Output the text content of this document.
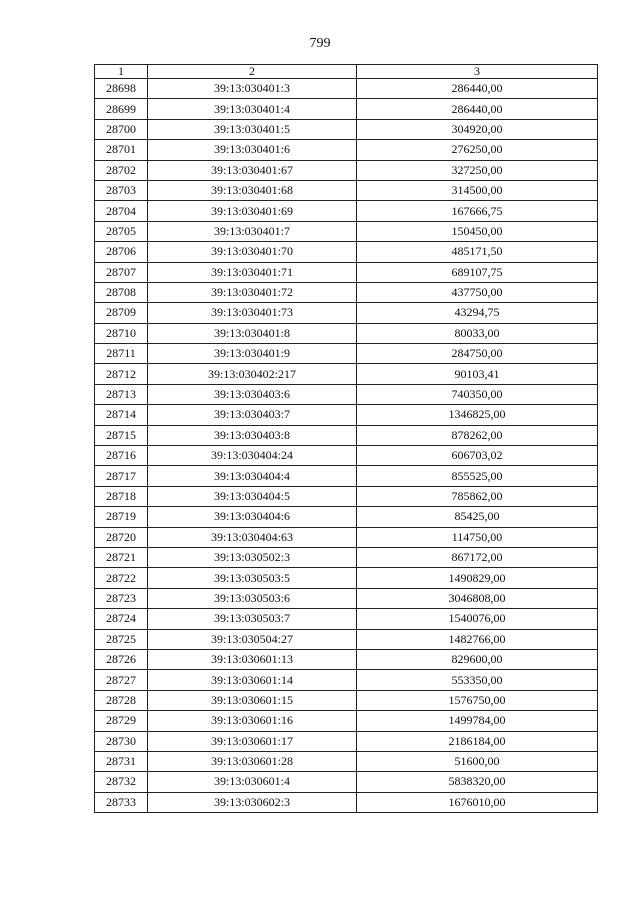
799
1	2	3
28698	39:13:030401:3	286440,00
28699	39:13:030401:4	286440,00
28700	39:13:030401:5	304920,00
28701	39:13:030401:6	276250,00
28702	39:13:030401:67	327250,00
28703	39:13:030401:68	314500,00
28704	39:13:030401:69	167666,75
28705	39:13:030401:7	150450,00
28706	39:13:030401:70	485171,50
28707	39:13:030401:71	689107,75
28708	39:13:030401:72	437750,00
28709	39:13:030401:73	43294,75
28710	39:13:030401:8	80033,00
28711	39:13:030401:9	284750,00
28712	39:13:030402:217	90103,41
28713	39:13:030403:6	740350,00
28714	39:13:030403:7	1346825,00
28715	39:13:030403:8	878262,00
28716	39:13:030404:24	606703,02
28717	39:13:030404:4	855525,00
28718	39:13:030404:5	785862,00
28719	39:13:030404:6	85425,00
28720	39:13:030404:63	114750,00
28721	39:13:030502:3	867172,00
28722	39:13:030503:5	1490829,00
28723	39:13:030503:6	3046808,00
28724	39:13:030503:7	1540076,00
28725	39:13:030504:27	1482766,00
28726	39:13:030601:13	829600,00
28727	39:13:030601:14	553350,00
28728	39:13:030601:15	1576750,00
28729	39:13:030601:16	1499784,00
28730	39:13:030601:17	2186184,00
28731	39:13:030601:28	51600,00
28732	39:13:030601:4	5838320,00
28733	39:13:030602:3	1676010,00
